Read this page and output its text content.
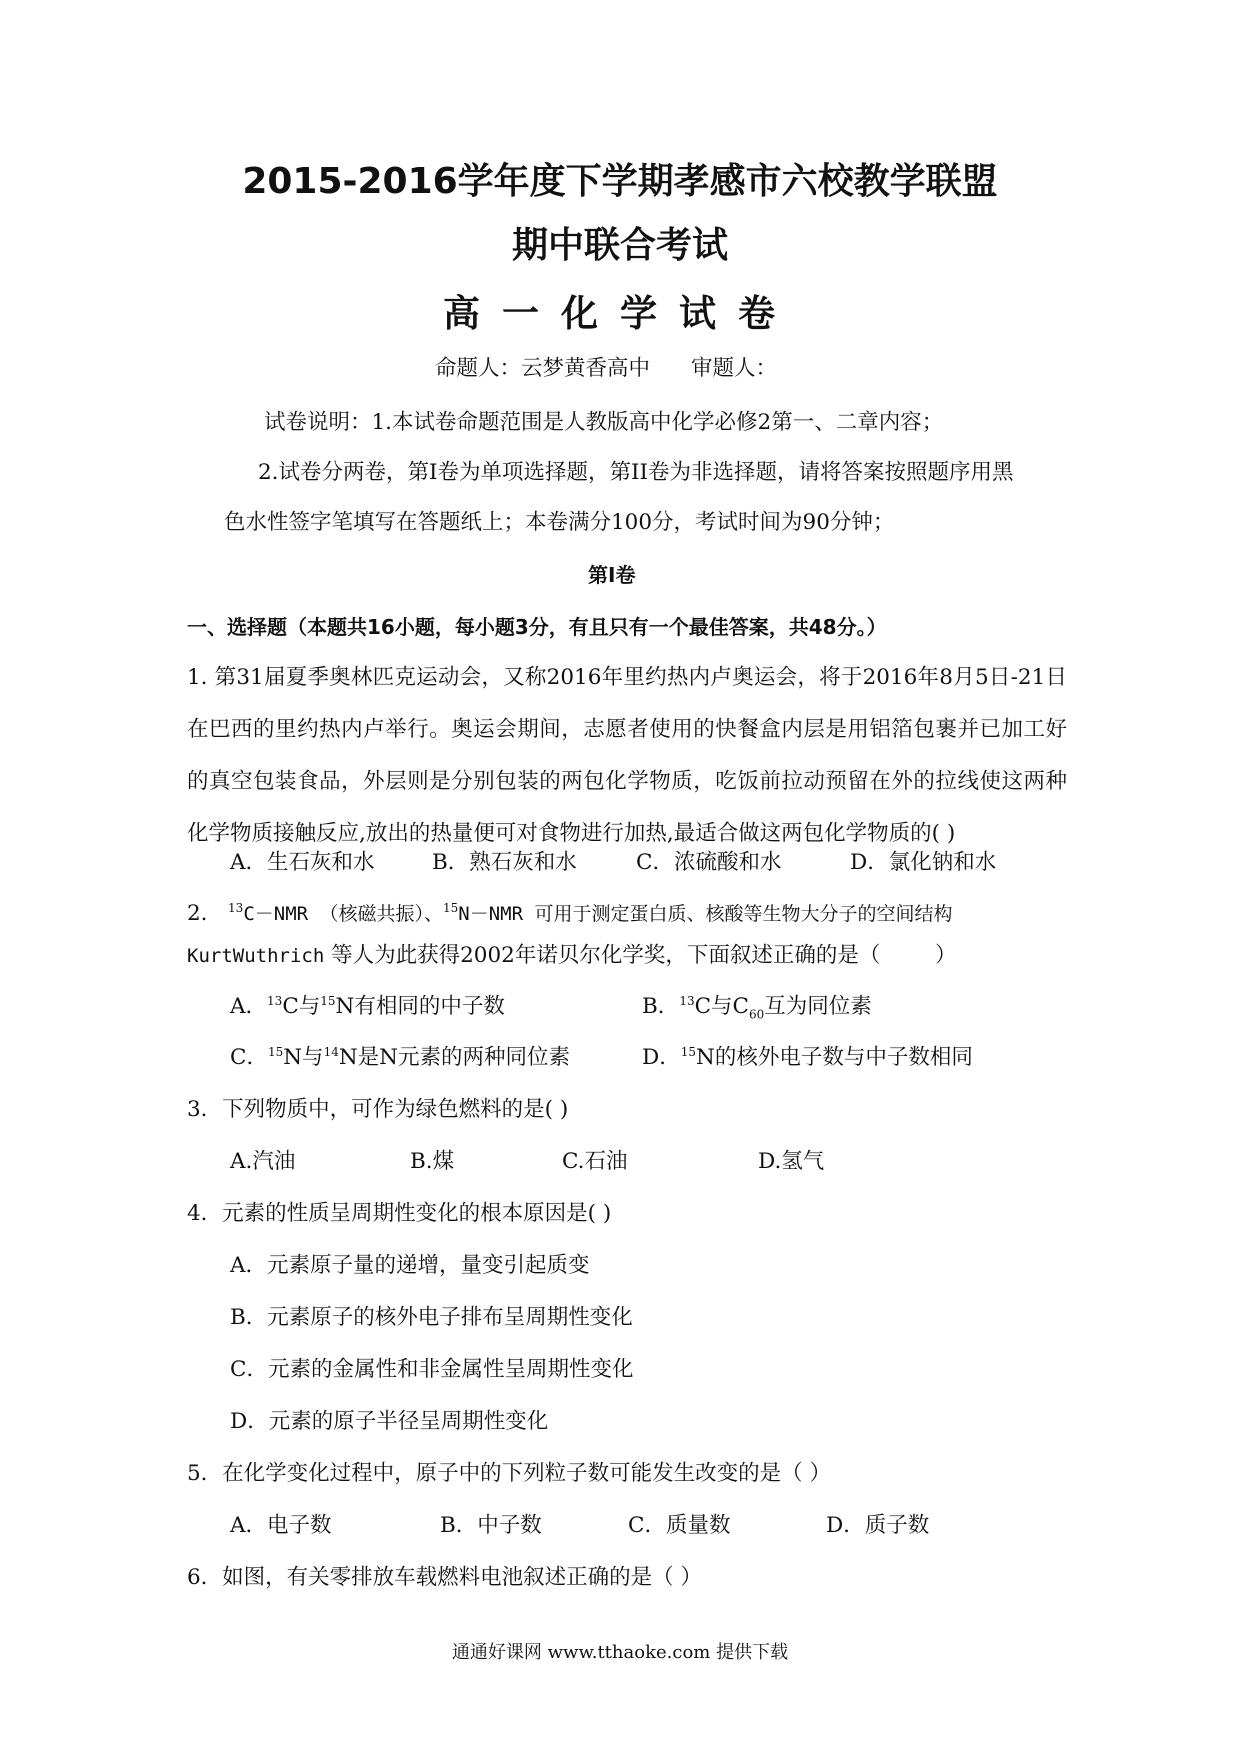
2015-2016学年度下学期孝感市六校教学联盟
期中联合考试
高一化学试卷
命题人：云梦黄香高中      审题人：
试卷说明：1.本试卷命题范围是人教版高中化学必修2第一、二章内容；
2.试卷分两卷，第I卷为单项选择题，第II卷为非选择题，请将答案按照题序用黑
色水性签字笔填写在答题纸上；本卷满分100分，考试时间为90分钟；
第I卷
一、选择题（本题共16小题，每小题3分，有且只有一个最佳答案，共48分。）
1. 第31届夏季奥林匹克运动会，又称2016年里约热内卢奥运会，将于2016年8月5日-21日在巴西的里约热内卢举行。奥运会期间，志愿者使用的快餐盒内层是用铝箔包裹并已加工好的真空包装食品，外层则是分别包装的两包化学物质，吃饭前拉动预留在外的拉线使这两种化学物质接触反应,放出的热量便可对食物进行加热,最适合做这两包化学物质的( )
A．生石灰和水	B．熟石灰和水	C．浓硫酸和水	D．氯化钠和水
2. $^{13}$C－NMR （核磁共振）、$^{15}$N－NMR 可用于测定蛋白质、核酸等生物大分子的空间结构
KurtWuthrich 等人为此获得2002年诺贝尔化学奖，下面叙述正确的是（        ）
A．$^{13}$C与$^{15}$N有相同的中子数	B．$^{13}$C与$C_{60}$互为同位素
C．$^{15}$N与$^{14}$N是N元素的两种同位素	D．$^{15}$N的核外电子数与中子数相同
3．下列物质中，可作为绿色燃料的是( )
A.汽油	B.煤	C.石油	D.氢气
4．元素的性质呈周期性变化的根本原因是( )
A．元素原子量的递增，量变引起质变
B．元素原子的核外电子排布呈周期性变化
C．元素的金属性和非金属性呈周期性变化
D．元素的原子半径呈周期性变化
5．在化学变化过程中，原子中的下列粒子数可能发生改变的是（ ）
A．电子数	B．中子数	C．质量数	D．质子数
6．如图，有关零排放车载燃料电池叙述正确的是（ ）
通通好课网 www.tthaoke.com 提供下载
